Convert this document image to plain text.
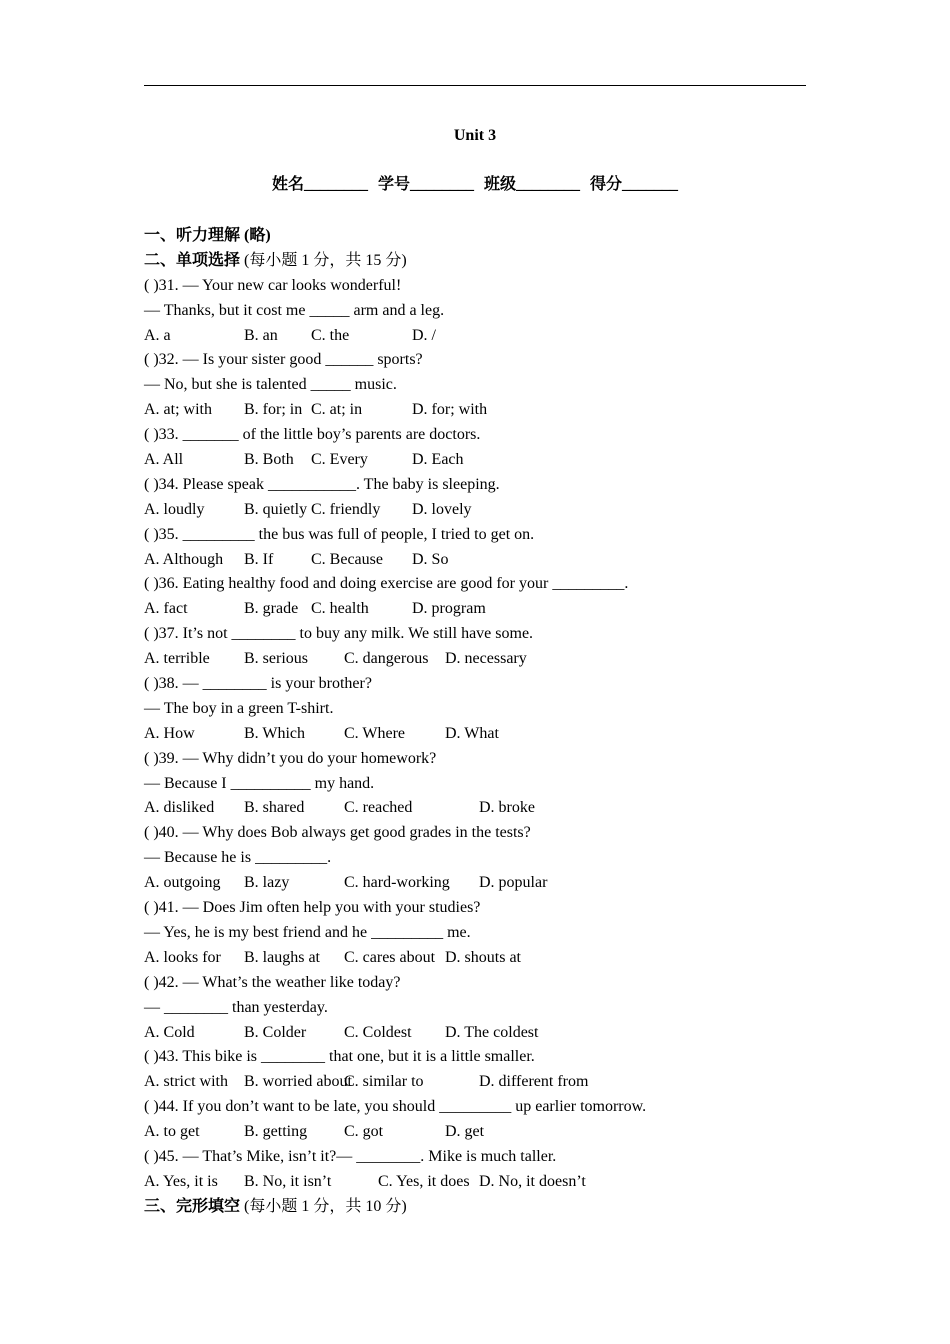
Unit 3
姓名________ 学号________ 班级________ 得分_______
一、听力理解 (略)
二、单项选择 (每小题 1 分，共 15 分)
( )31. — Your new car looks wonderful!
— Thanks, but it cost me _____ arm and a leg.
A. a	B. an C. the	D. /
( )32. — Is your sister good ______ sports?
— No, but she is talented _____ music.
A. at; with B. for; in C. at; in	D. for; with
( )33. _______ of the little boy’s parents are doctors.
A. All	B. Both C. Every	D. Each
( )34. Please speak ___________. The baby is sleeping.
A. loudly B. quietly C. friendly D. lovely
( )35. _________ the bus was full of people, I tried to get on.
A. Although B. If C. Because D. So
( )36. Eating healthy food and doing exercise are good for your _________.
A. fact	B. grade C. health	D. program
( )37. It’s not ________ to buy any milk. We still have some.
A. terrible B. serious C. dangerous D. necessary
( )38. — ________ is your brother?
— The boy in a green T-shirt.
A. How	B. Which C. Where D. What
( )39. — Why didn’t you do your homework?
— Because I __________ my hand.
A. disliked B. shared C. reached	D. broke
( )40. — Why does Bob always get good grades in the tests?
— Because he is _________.
A. outgoing B. lazy	C. hard-working D. popular
( )41. — Does Jim often help you with your studies?
— Yes, he is my best friend and he _________ me.
A. looks for B. laughs at C. cares about D. shouts at
( )42. — What’s the weather like today?
— ________ than yesterday.
A. Cold	B. Colder C. Coldest D. The coldest
( )43. This bike is ________ that one, but it is a little smaller.
A. strict with B. worried about
C. similar to	D. different from
( )44. If you don’t want to be late, you should _________ up earlier tomorrow.
A. to get	B. getting C. got	D. get
( )45. — That’s Mike, isn’t it?— ________. Mike is much taller.
A. Yes, it is B. No, it isn’t	C. Yes, it does D. No, it doesn’t
三、完形填空 (每小题 1 分，共 10 分)
